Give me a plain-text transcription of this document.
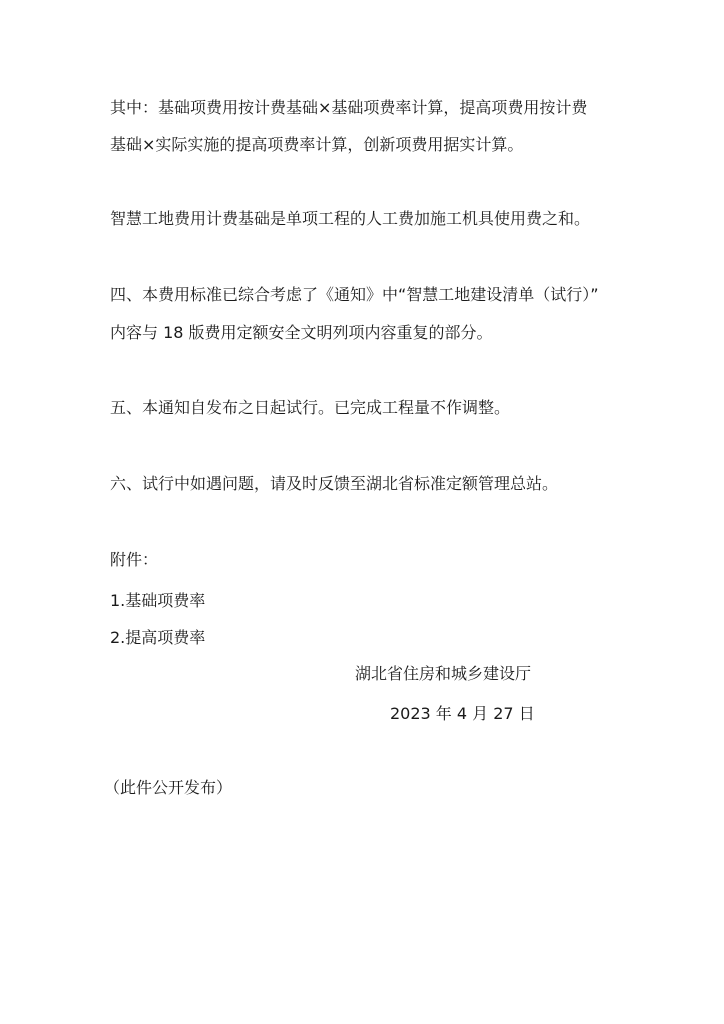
其中：基础项费用按计费基础×基础项费率计算，提高项费用按计费
基础×实际实施的提高项费率计算，创新项费用据实计算。
智慧工地费用计费基础是单项工程的人工费加施工机具使用费之和。
四、本费用标准已综合考虑了《通知》中“智慧工地建设清单（试行）”
内容与 18 版费用定额安全文明列项内容重复的部分。
五、本通知自发布之日起试行。已完成工程量不作调整。
六、试行中如遇问题，请及时反馈至湖北省标准定额管理总站。
附件：
1.基础项费率
2.提高项费率
湖北省住房和城乡建设厅
2023 年 4 月 27 日
（此件公开发布）
